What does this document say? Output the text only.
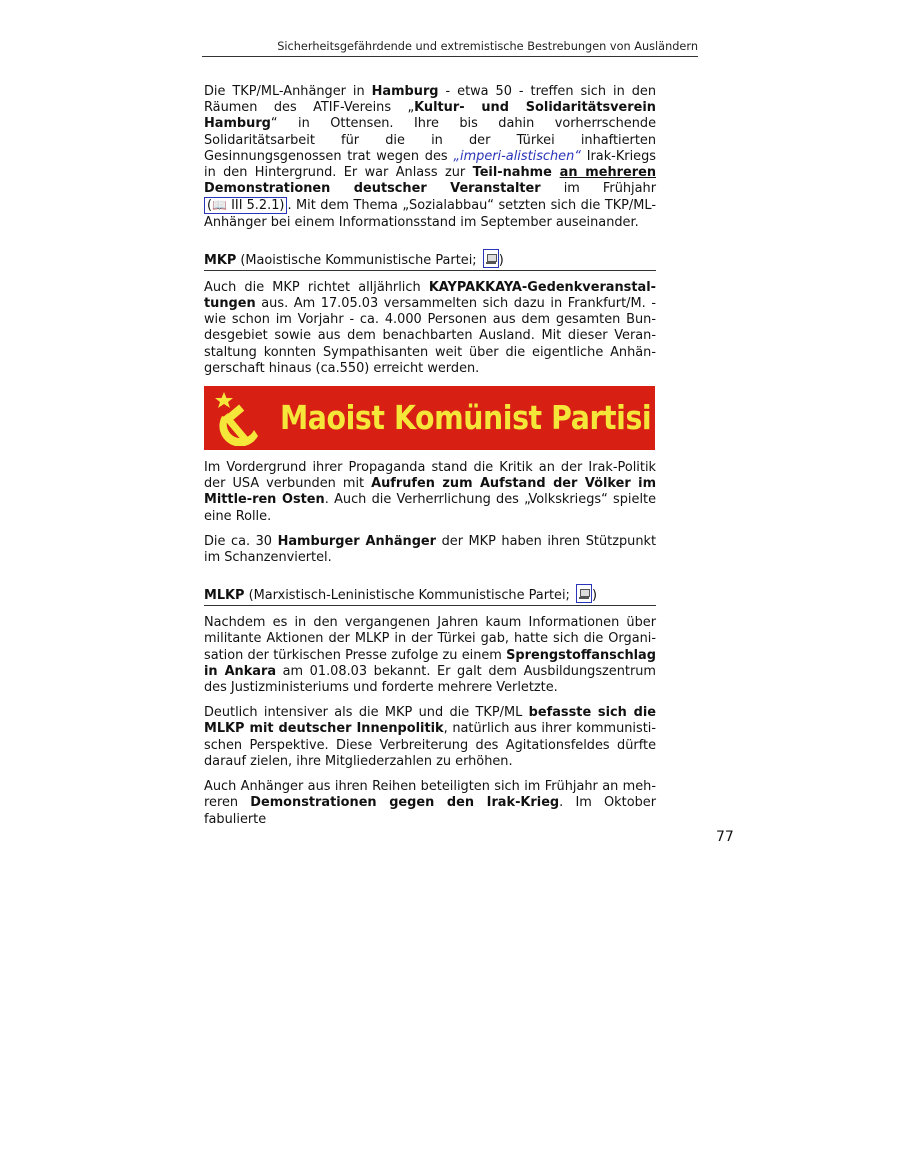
Sicherheitsgefährdende und extremistische Bestrebungen von Ausländern

Die TKP/ML-Anhänger in Hamburg - etwa 50 - treffen sich in den Räumen des ATIF-Vereins „Kultur- und Solidaritätsverein Hamburg“ in Ottensen. Ihre bis dahin vorherrschende Solidaritätsarbeit für die in der Türkei inhaftierten Gesinnungsgenossen trat wegen des „imperi-alistischen“ Irak-Kriegs in den Hintergrund. Er war Anlass zur Teil-nahme an mehreren Demonstrationen deutscher Veranstalter im Frühjahr (📖 III 5.2.1) . Mit dem Thema „Sozialabbau“ setzten sich die TKP/ML-Anhänger bei einem Informationsstand im September auseinander.

MKP (Maoistische Kommunistische Partei; )

Auch die MKP richtet alljährlich KAYPAKKAYA-Gedenkveranstal-tungen aus. Am 17.05.03 versammelten sich dazu in Frankfurt/M. - wie schon im Vorjahr - ca. 4.000 Personen aus dem gesamten Bun-desgebiet sowie aus dem benachbarten Ausland. Mit dieser Veran-staltung konnten Sympathisanten weit über die eigentliche Anhän-gerschaft hinaus (ca.550) erreicht werden.

Maoist Komünist Partisi

Im Vordergrund ihrer Propaganda stand die Kritik an der Irak-Politik der USA verbunden mit Aufrufen zum Aufstand der Völker im Mittle-ren Osten. Auch die Verherrlichung des „Volkskriegs“ spielte eine Rolle.

Die ca. 30 Hamburger Anhänger der MKP haben ihren Stützpunkt im Schanzenviertel.

MLKP (Marxistisch-Leninistische Kommunistische Partei; )

Nachdem es in den vergangenen Jahren kaum Informationen über militante Aktionen der MLKP in der Türkei gab, hatte sich die Organi-sation der türkischen Presse zufolge zu einem Sprengstoffanschlag in Ankara am 01.08.03 bekannt. Er galt dem Ausbildungszentrum des Justizministeriums und forderte mehrere Verletzte.

Deutlich intensiver als die MKP und die TKP/ML befasste sich die MLKP mit deutscher Innenpolitik, natürlich aus ihrer kommunisti-schen Perspektive. Diese Verbreiterung des Agitationsfeldes dürfte darauf zielen, ihre Mitgliederzahlen zu erhöhen.

Auch Anhänger aus ihren Reihen beteiligten sich im Frühjahr an meh-reren Demonstrationen gegen den Irak-Krieg. Im Oktober fabulierte

77
